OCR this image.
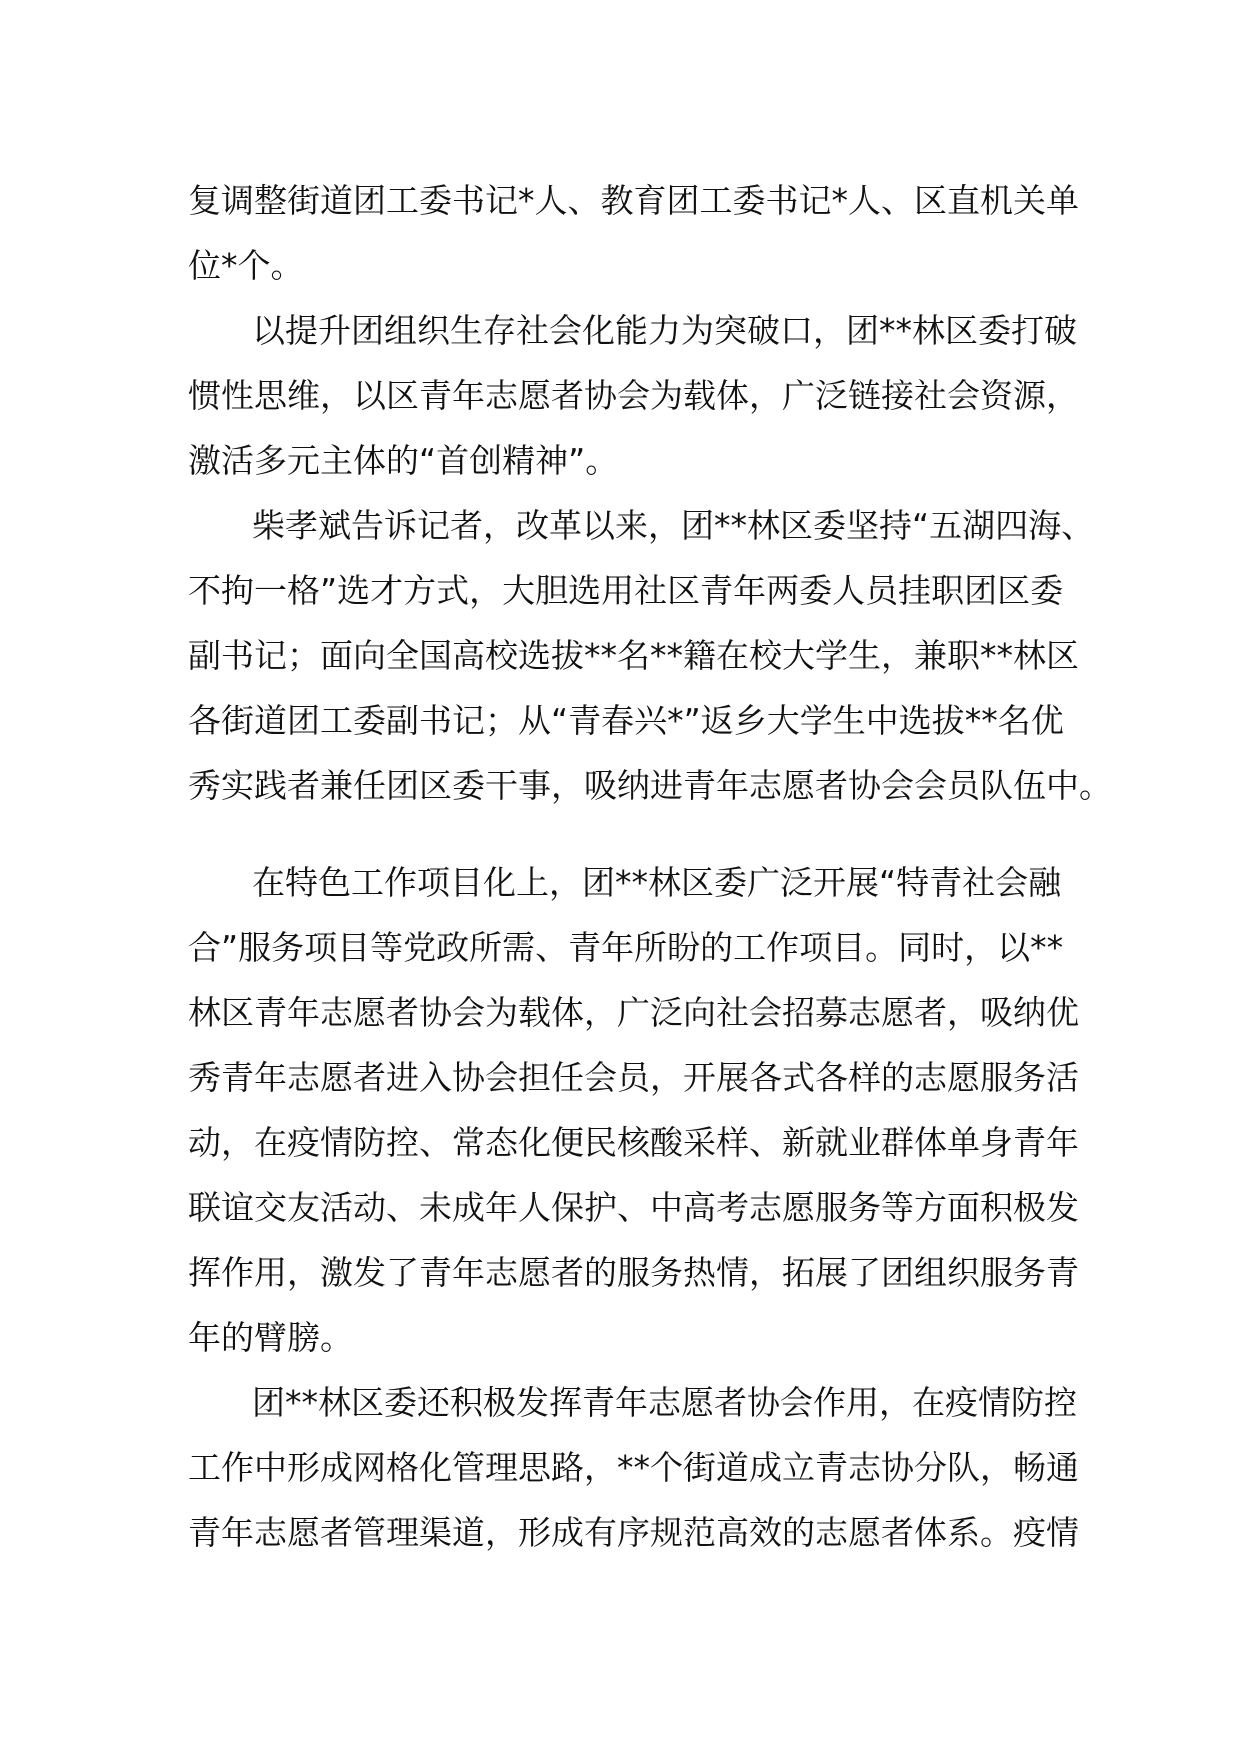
复调整街道团工委书记*人、教育团工委书记*人、区直机关单
位*个。
以提升团组织生存社会化能力为突破口，团**林区委打破
惯性思维，以区青年志愿者协会为载体，广泛链接社会资源，
激活多元主体的“首创精神”。
柴孝斌告诉记者，改革以来，团**林区委坚持“五湖四海、
不拘一格”选才方式，大胆选用社区青年两委人员挂职团区委
副书记；面向全国高校选拔**名**籍在校大学生，兼职**林区
各街道团工委副书记；从“青春兴*”返乡大学生中选拔**名优
秀实践者兼任团区委干事，吸纳进青年志愿者协会会员队伍中。
在特色工作项目化上，团**林区委广泛开展“特青社会融
合”服务项目等党政所需、青年所盼的工作项目。同时，以**
林区青年志愿者协会为载体，广泛向社会招募志愿者，吸纳优
秀青年志愿者进入协会担任会员，开展各式各样的志愿服务活
动，在疫情防控、常态化便民核酸采样、新就业群体单身青年
联谊交友活动、未成年人保护、中高考志愿服务等方面积极发
挥作用，激发了青年志愿者的服务热情，拓展了团组织服务青
年的臂膀。
团**林区委还积极发挥青年志愿者协会作用，在疫情防控
工作中形成网格化管理思路，**个街道成立青志协分队，畅通
青年志愿者管理渠道，形成有序规范高效的志愿者体系。疫情
